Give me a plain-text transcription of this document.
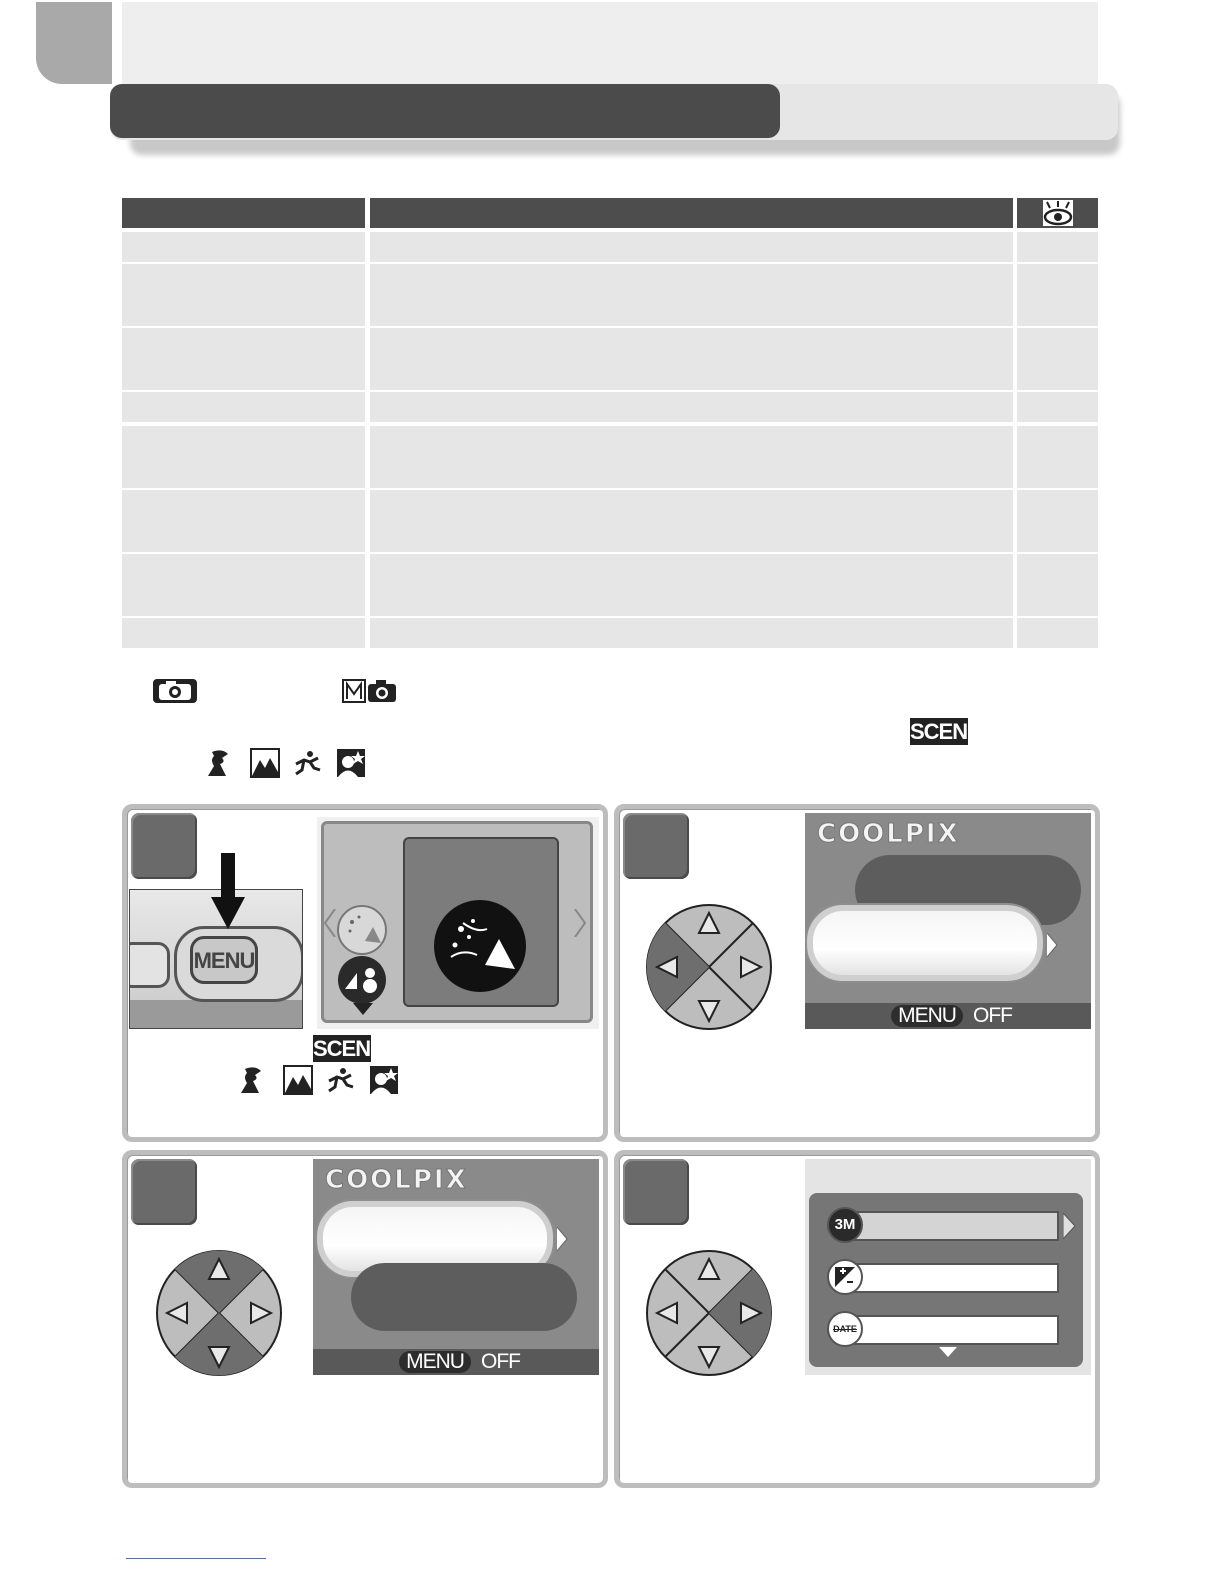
SCENE
MENU
SCENE
COOLPIX
MENU OFF
COOLPIX
MENU OFF
3M
DATE
